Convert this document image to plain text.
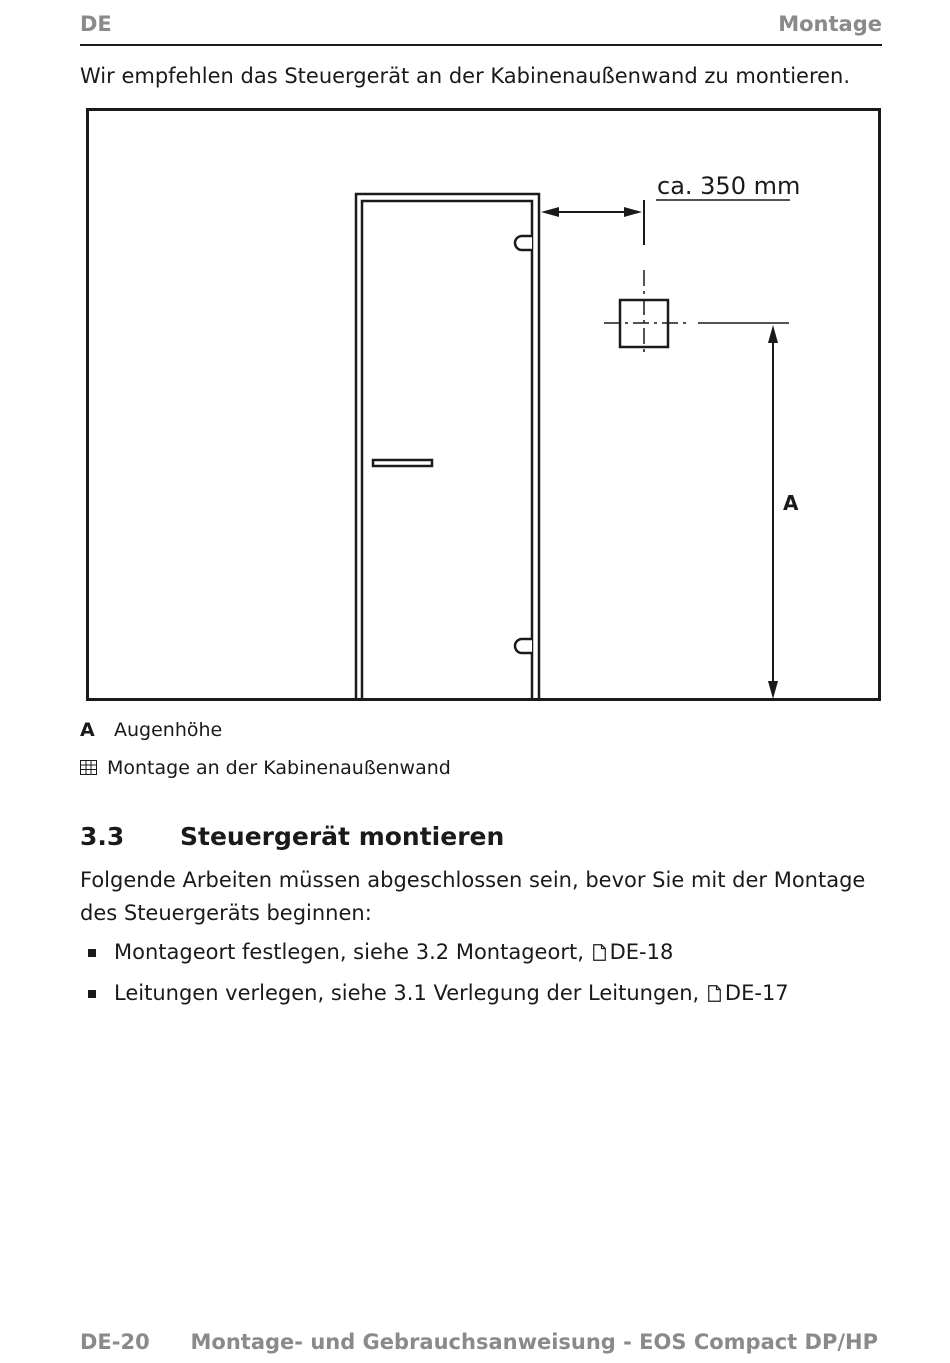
DE	Montage
Wir empfehlen das Steuergerät an der Kabinenaußenwand zu montieren.
ca. 350 mm
A
A Augenhöhe
Montage an der Kabinenaußenwand
3.3 Steuergerät montieren
Folgende Arbeiten müssen abgeschlossen sein, bevor Sie mit der Montage des Steuergeräts beginnen:
Montageort festlegen, siehe 3.2 Montageort, DE-18
Leitungen verlegen, siehe 3.1 Verlegung der Leitungen, DE-17
DE-20 Montage- und Gebrauchsanweisung - EOS Compact DP/HP
